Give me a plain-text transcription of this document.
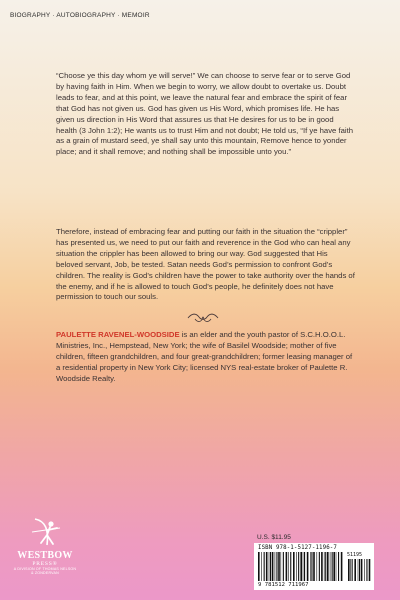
BIOGRAPHY · AUTOBIOGRAPHY · MEMOIR

“Choose ye this day whom ye will serve!” We can choose to serve fear or to serve God by having faith in Him. When we begin to worry, we allow doubt to overtake us. Doubt leads to fear, and at this point, we leave the natural fear and embrace the spirit of fear that God has not given us. God has given us His Word, which promises life. He has given us direction in His Word that assures us that He desires for us to be in good health (3 John 1:2); He wants us to trust Him and not doubt; He told us, “If ye have faith as a grain of mustard seed, ye shall say unto this mountain, Remove hence to yonder place; and it shall remove; and nothing shall be impossible unto you.”

Therefore, instead of embracing fear and putting our faith in the situation the “crippler” has presented us, we need to put our faith and reverence in the God who can heal any situation the crippler has been allowed to bring our way. God suggested that His beloved servant, Job, be tested. Satan needs God’s permission to confront God’s children. The reality is God’s children have the power to take authority over the hands of the enemy, and if he is allowed to touch God’s people, he definitely does not have permission to touch our souls.

PAULETTE RAVENEL-WOODSIDE is an elder and the youth pastor of S.C.H.O.O.L. Ministries, Inc., Hempstead, New York; the wife of Basilel Woodside; mother of five children, fifteen grandchildren, and four great-grandchildren; former leasing manager of a residential property in New York City; licensed NYS real-estate broker of Paulette R. Woodside Realty.

U.S. $11.95
ISBN 978-1-5127-1196-7
51195
9 781512 711967
WESTBOW
PRESS®
A DIVISION OF THOMAS NELSON
& ZONDERVAN
